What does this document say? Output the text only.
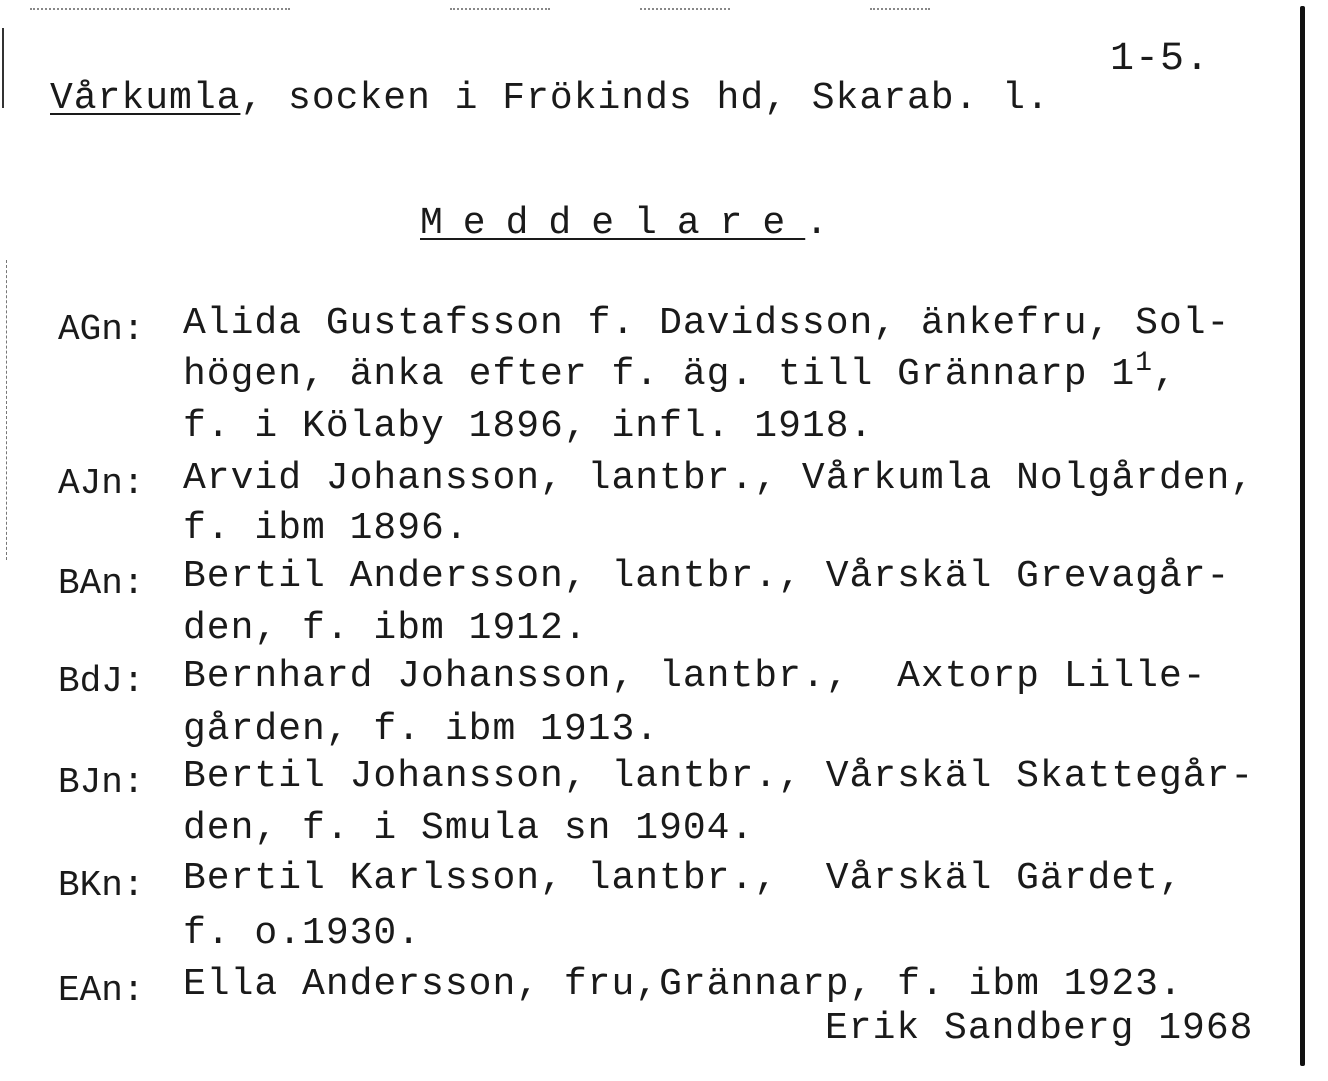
1-5.
Vårkumla, socken i Frökinds hd, Skarab. l.
Meddelare.
AGn: Alida Gustafsson f. Davidsson, änkefru, Sol-
högen, änka efter f. äg. till Grännarp $1^1$,
f. i Kölaby 1896, infl. 1918.
AJn: Arvid Johansson, lantbr., Vårkumla Nolgården,
f. ibm 1896.
BAn: Bertil Andersson, lantbr., Vårskäl Grevagår-
den, f. ibm 1912.
BdJ: Bernhard Johansson, lantbr.,  Axtorp Lille-
gården, f. ibm 1913.
BJn: Bertil Johansson, lantbr., Vårskäl Skattegår-
den, f. i Smula sn 1904.
BKn: Bertil Karlsson, lantbr.,  Vårskäl Gärdet,
f. o.1930.
EAn: Ella Andersson, fru,Grännarp, f. ibm 1923.
Erik Sandberg 1968
